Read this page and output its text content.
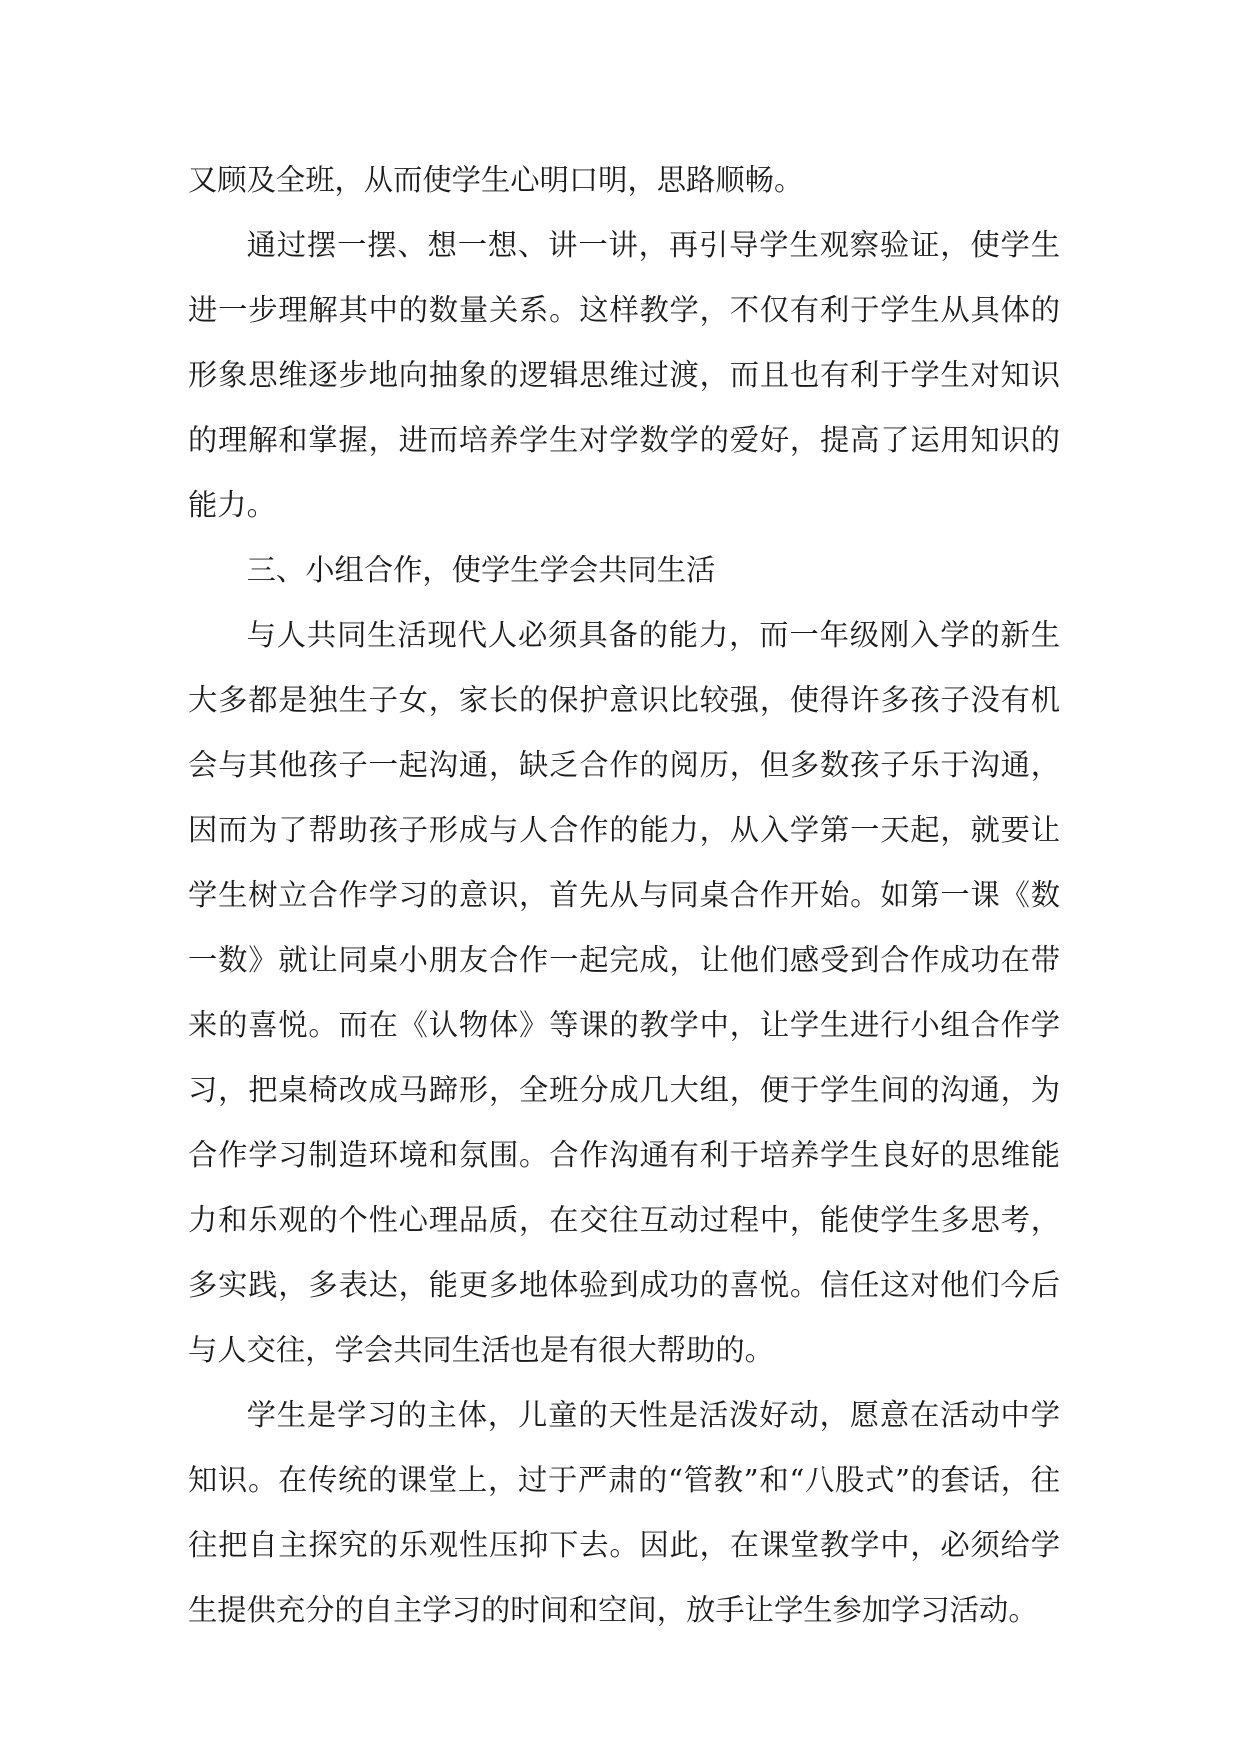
又顾及全班，从而使学生心明口明，思路顺畅。

通过摆一摆、想一想、讲一讲，再引导学生观察验证，使学生进一步理解其中的数量关系。这样教学，不仅有利于学生从具体的形象思维逐步地向抽象的逻辑思维过渡，而且也有利于学生对知识的理解和掌握，进而培养学生对学数学的爱好，提高了运用知识的能力。

三、小组合作，使学生学会共同生活

与人共同生活现代人必须具备的能力，而一年级刚入学的新生大多都是独生子女，家长的保护意识比较强，使得许多孩子没有机会与其他孩子一起沟通，缺乏合作的阅历，但多数孩子乐于沟通，因而为了帮助孩子形成与人合作的能力，从入学第一天起，就要让学生树立合作学习的意识，首先从与同桌合作开始。如第一课《数一数》就让同桌小朋友合作一起完成，让他们感受到合作成功在带来的喜悦。而在《认物体》等课的教学中，让学生进行小组合作学习，把桌椅改成马蹄形，全班分成几大组，便于学生间的沟通，为合作学习制造环境和氛围。合作沟通有利于培养学生良好的思维能力和乐观的个性心理品质，在交往互动过程中，能使学生多思考，多实践，多表达，能更多地体验到成功的喜悦。信任这对他们今后与人交往，学会共同生活也是有很大帮助的。

学生是学习的主体，儿童的天性是活泼好动，愿意在活动中学知识。在传统的课堂上，过于严肃的“管教”和“八股式”的套话，往往把自主探究的乐观性压抑下去。因此，在课堂教学中，必须给学生提供充分的自主学习的时间和空间，放手让学生参加学习活动。
